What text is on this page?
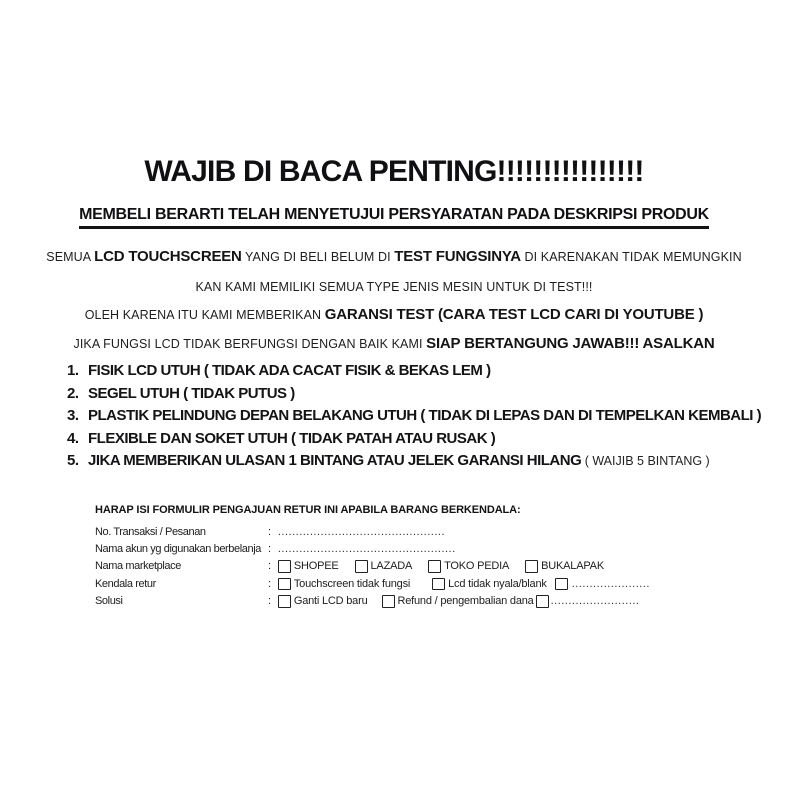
WAJIB DI BACA PENTING!!!!!!!!!!!!!!!!
MEMBELI BERARTI TELAH MENYETUJUI PERSYARATAN PADA DESKRIPSI PRODUK

SEMUA LCD TOUCHSCREEN YANG DI BELI BELUM DI TEST FUNGSINYA DI KARENAKAN TIDAK MEMUNGKIN

KAN KAMI MEMILIKI SEMUA TYPE JENIS MESIN UNTUK DI TEST!!!

OLEH KARENA ITU KAMI MEMBERIKAN GARANSI TEST (CARA TEST LCD CARI DI YOUTUBE )

JIKA FUNGSI LCD TIDAK BERFUNGSI DENGAN BAIK KAMI SIAP BERTANGUNG JAWAB!!! ASALKAN

1. FISIK LCD UTUH ( TIDAK ADA CACAT FISIK & BEKAS LEM )
2. SEGEL UTUH ( TIDAK PUTUS )
3. PLASTIK PELINDUNG DEPAN BELAKANG UTUH ( TIDAK DI LEPAS DAN DI TEMPELKAN KEMBALI )
4. FLEXIBLE DAN SOKET UTUH ( TIDAK PATAH ATAU RUSAK )
5. JIKA MEMBERIKAN ULASAN 1 BINTANG ATAU JELEK GARANSI HILANG ( WAIJIB 5 BINTANG )
HARAP ISI FORMULIR PENGAJUAN RETUR INI APABILA BARANG BERKENDALA:
No. Transaksi / Pesanan	: ...............................................
Nama akun yg digunakan berbelanja : ..................................................
Nama marketplace	: SHOPEE	LAZADA	TOKO PEDIA	BUKALAPAK
Kendala retur	: Touchscreen tidak fungsi	Lcd tidak nyala/blank ......................
Solusi	: Ganti LCD baru	Refund / pengembalian dana .........................
